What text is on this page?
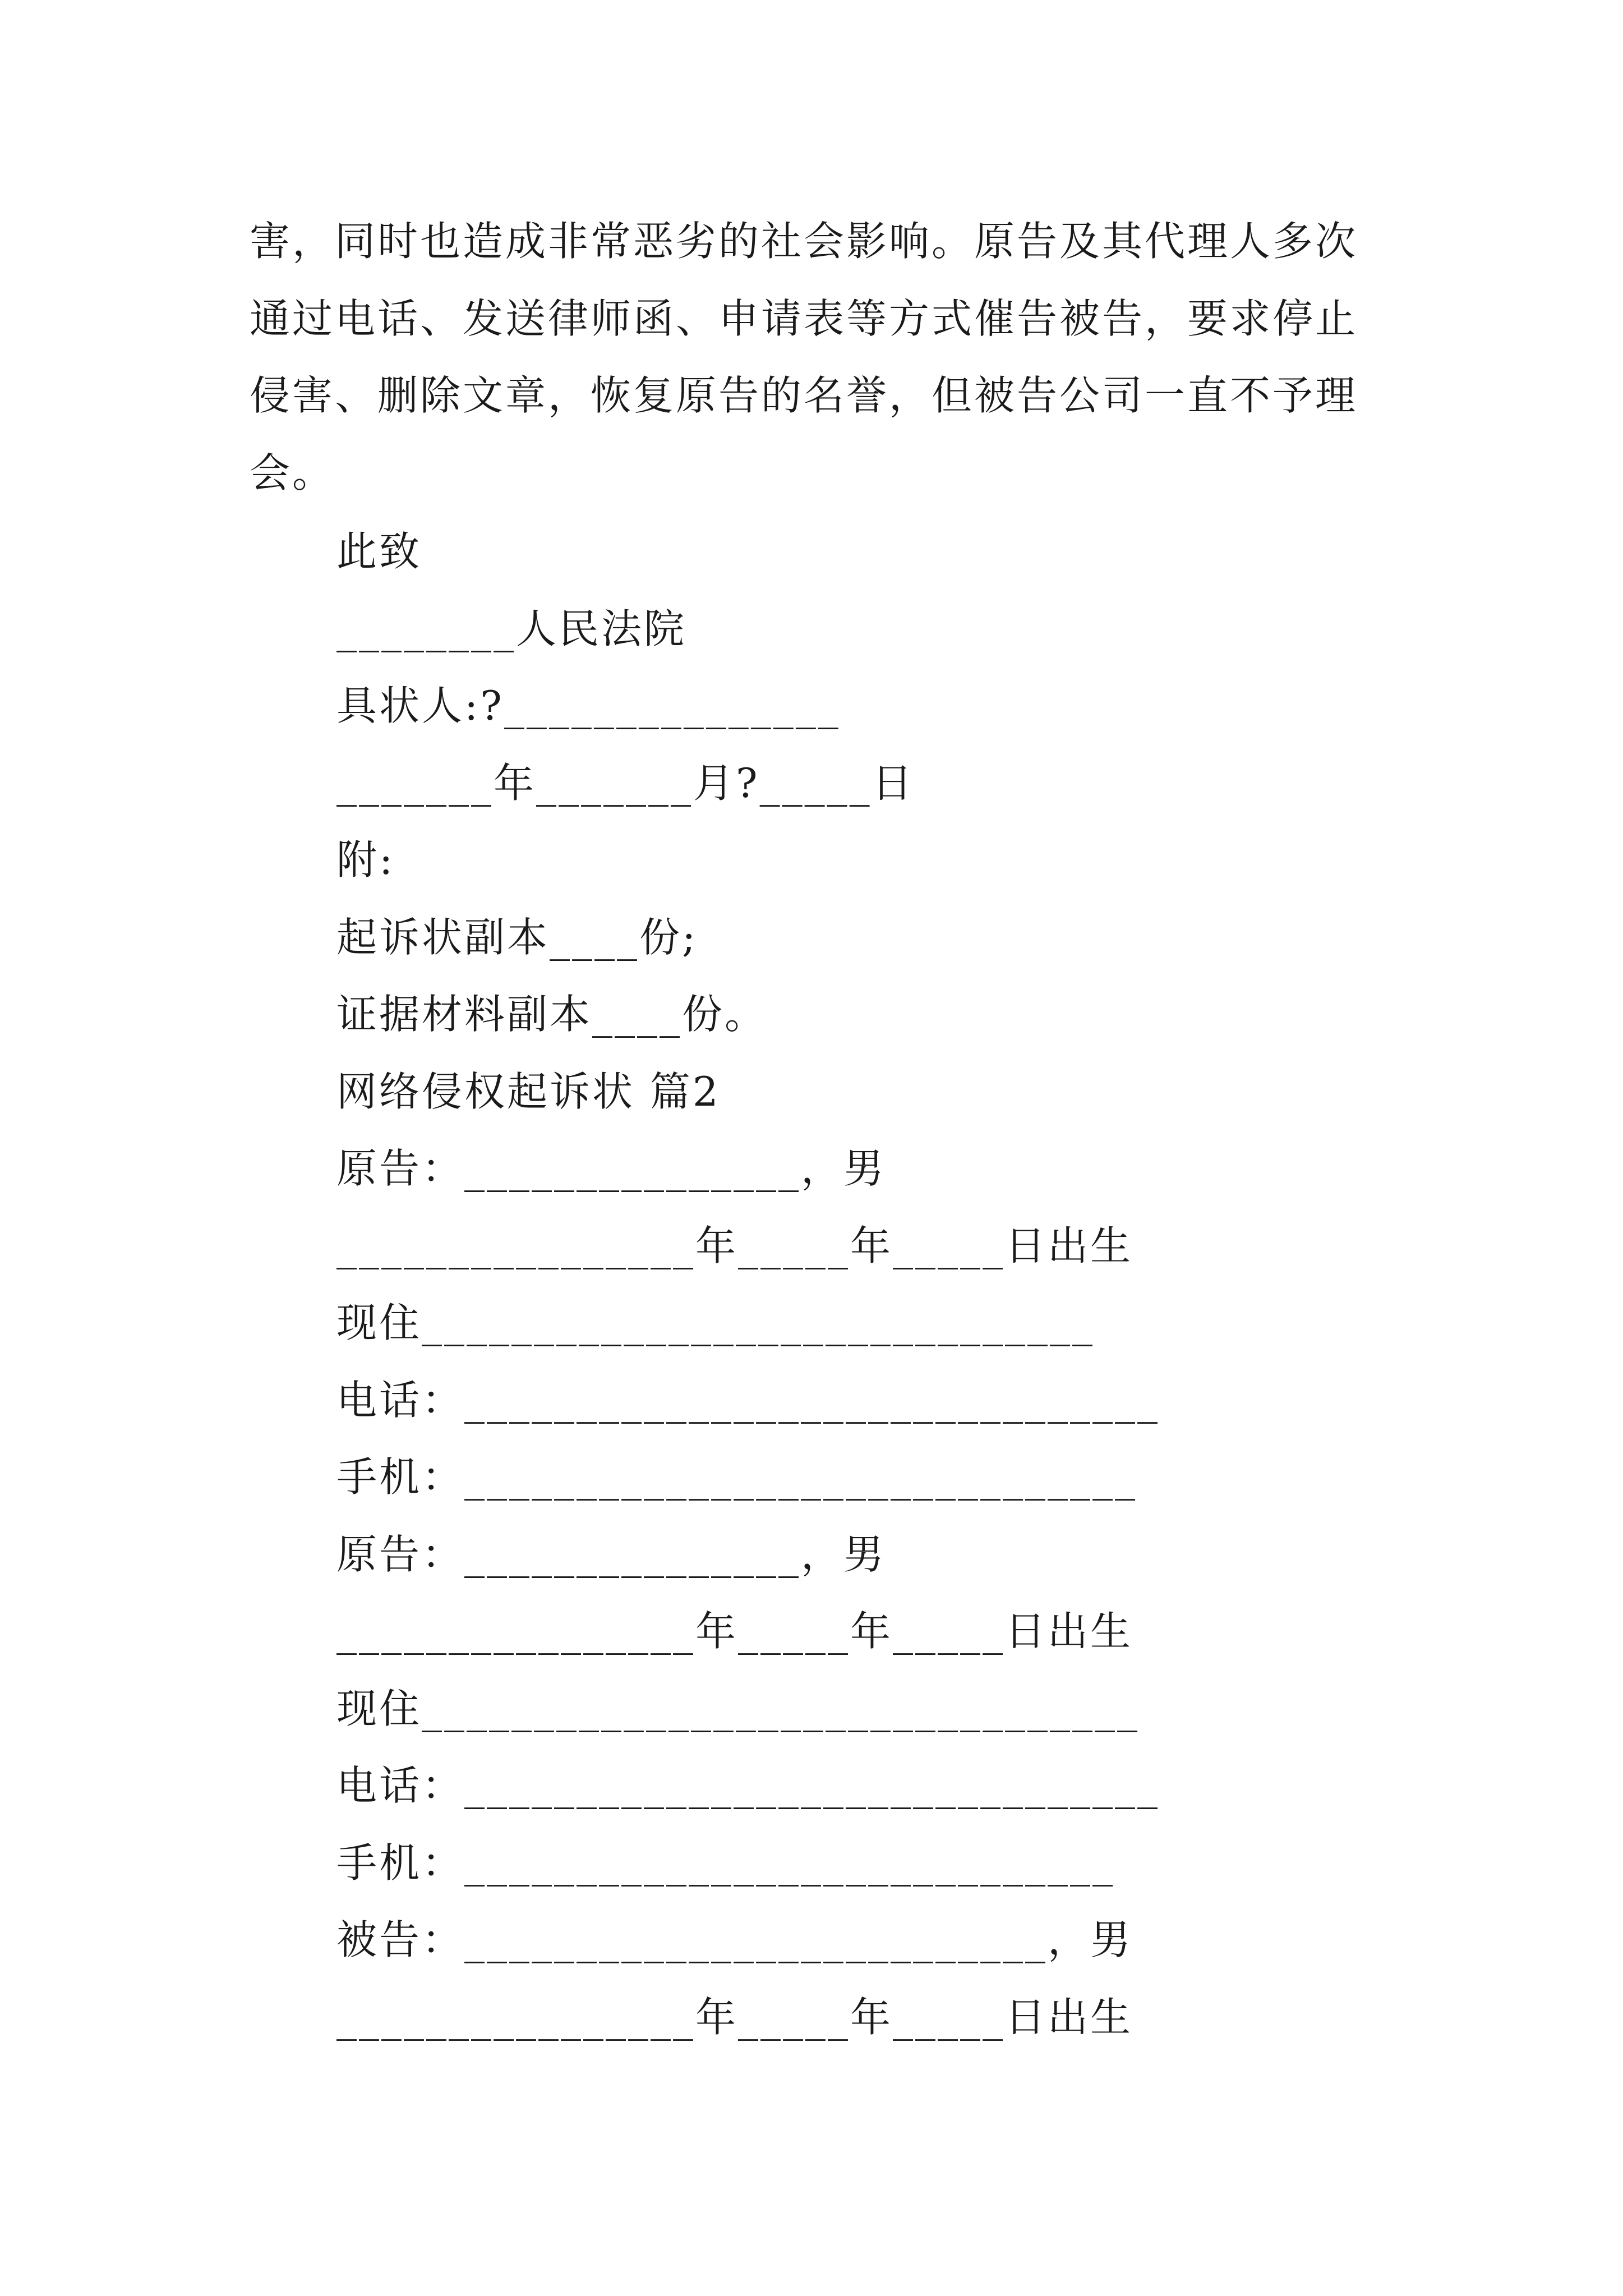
害，同时也造成非常恶劣的社会影响。原告及其代理人多次
通过电话、发送律师函、申请表等方式催告被告，要求停止
侵害、删除文章，恢复原告的名誉，但被告公司一直不予理
会。
此致
________人民法院
具状人:?_______________
_______年_______月?_____日
附:
起诉状副本____份;
证据材料副本____份。
网络侵权起诉状 篇2
原告：_______________，男
________________年_____年_____日出生
现住______________________________
电话：_______________________________
手机：______________________________
原告：_______________，男
________________年_____年_____日出生
现住________________________________
电话：_______________________________
手机：_____________________________
被告：__________________________，男
________________年_____年_____日出生
